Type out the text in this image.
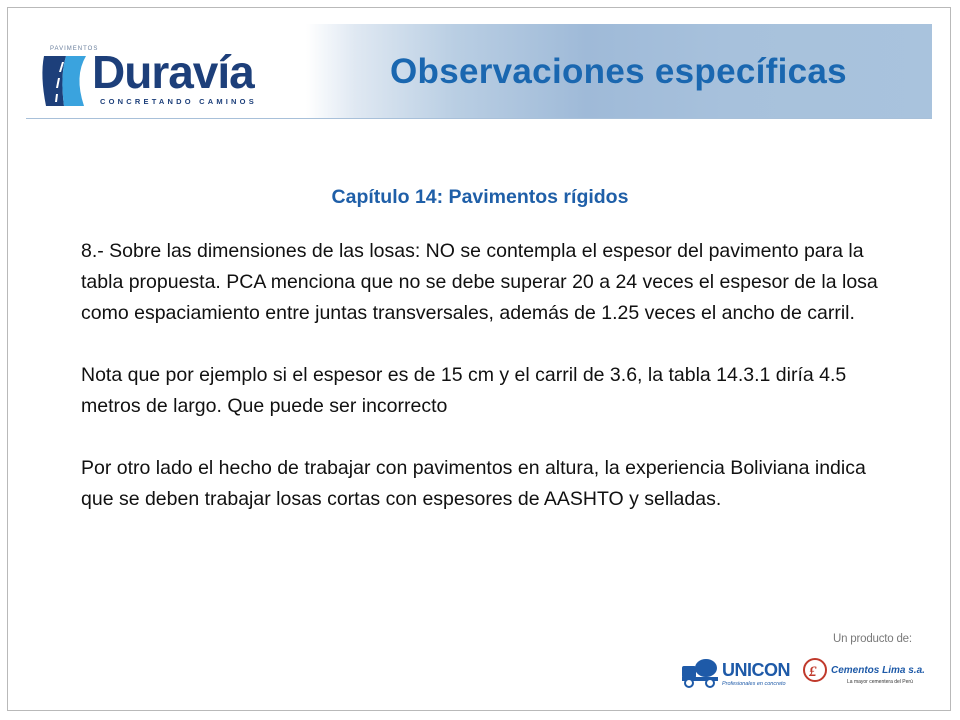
PAVIMENTOS
Duravía
CONCRETANDO CAMINOS
Observaciones específicas
Capítulo 14: Pavimentos rígidos

8.- Sobre las dimensiones de las losas: NO se contempla el espesor del pavimento para la tabla propuesta. PCA menciona que no se debe superar 20 a 24 veces el espesor de la losa como espaciamiento entre juntas transversales, además de 1.25 veces el ancho de carril.

Nota que por ejemplo si el espesor es de 15 cm y el carril de 3.6, la tabla 14.3.1 diría 4.5 metros de largo. Que puede ser incorrecto

Por otro lado el hecho de trabajar con pavimentos en altura, la experiencia Boliviana indica que se deben trabajar losas cortas con espesores de AASHTO y selladas.

Un producto de:
UNICON
Profesionales en concreto
£ Cementos Lima s.a.
La mayor cementera del Perú
